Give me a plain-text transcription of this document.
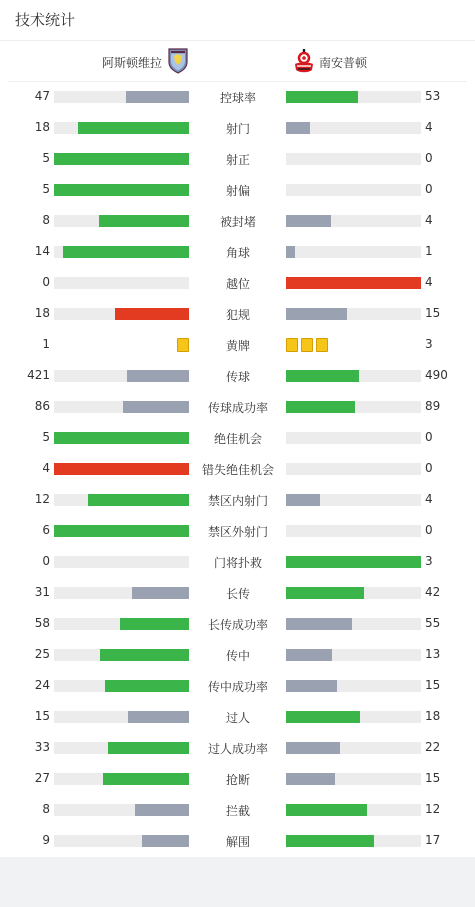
技术统计
阿斯顿维拉	南安普顿
47	控球率	53
18	射门	4
5	射正	0
5	射偏	0
8	被封堵	4
14	角球	1
0	越位	4
18	犯规	15
1	黄牌	3
421	传球	490
86	传球成功率	89
5	绝佳机会	0
4	错失绝佳机会	0
12	禁区内射门	4
6	禁区外射门	0
0	门将扑救	3
31	长传	42
58	长传成功率	55
25	传中	13
24	传中成功率	15
15	过人	18
33	过人成功率	22
27	抢断	15
8	拦截	12
9	解围	17
